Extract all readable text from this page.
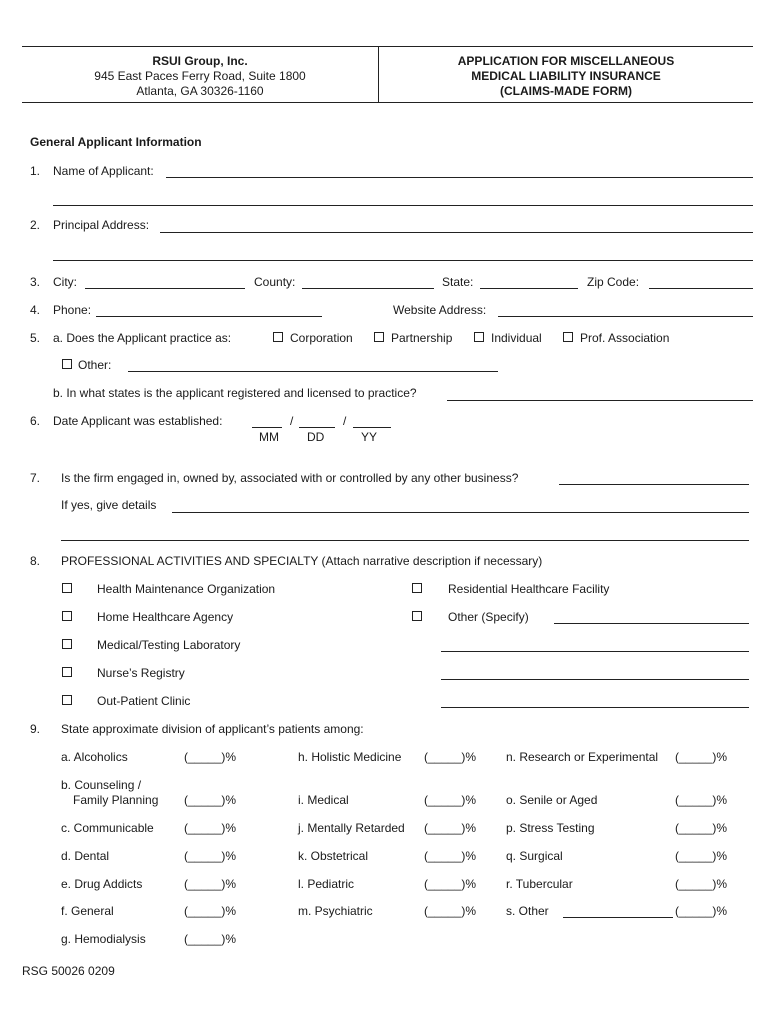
RSUI Group, Inc.
945 East Paces Ferry Road, Suite 1800
Atlanta, GA 30326-1160
APPLICATION FOR MISCELLANEOUS
MEDICAL LIABILITY INSURANCE
(CLAIMS-MADE FORM)
General Applicant Information
1. Name of Applicant:
2. Principal Address:
3. City:	County:	State:	Zip Code:
4. Phone:	Website Address:
5. a. Does the Applicant practice as:	Corporation	Partnership	Individual	Prof. Association
Other:
b. In what states is the applicant registered and licensed to practice?
6. Date Applicant was established:	/	/
MM DD	YY
7. Is the firm engaged in, owned by, associated with or controlled by any other business?
If yes, give details
8. PROFESSIONAL ACTIVITIES AND SPECIALTY (Attach narrative description if necessary)
Health Maintenance Organization
Home Healthcare Agency
Medical/Testing Laboratory
Nurse’s Registry
Out-Patient Clinic
Residential Healthcare Facility
Other (Specify)
9. State approximate division of applicant’s patients among:
a. Alcoholics	(_____)%
b. Counseling /
Family Planning (_____)%
c. Communicable	(_____)%
d. Dental	(_____)%
e. Drug Addicts	(_____)%
f. General	(_____)%
g. Hemodialysis	(_____)%
h. Holistic Medicine (_____)%
i. Medical	(_____)%
j. Mentally Retarded (_____)%
k. Obstetrical	(_____)%
l. Pediatric	(_____)%
m. Psychiatric	(_____)%
n. Research or Experimental (_____)%
o. Senile or Aged	(_____)%
p. Stress Testing	(_____)%
q. Surgical	(_____)%
r. Tubercular	(_____)%
s. Other	(_____)%
RSG 50026 0209
